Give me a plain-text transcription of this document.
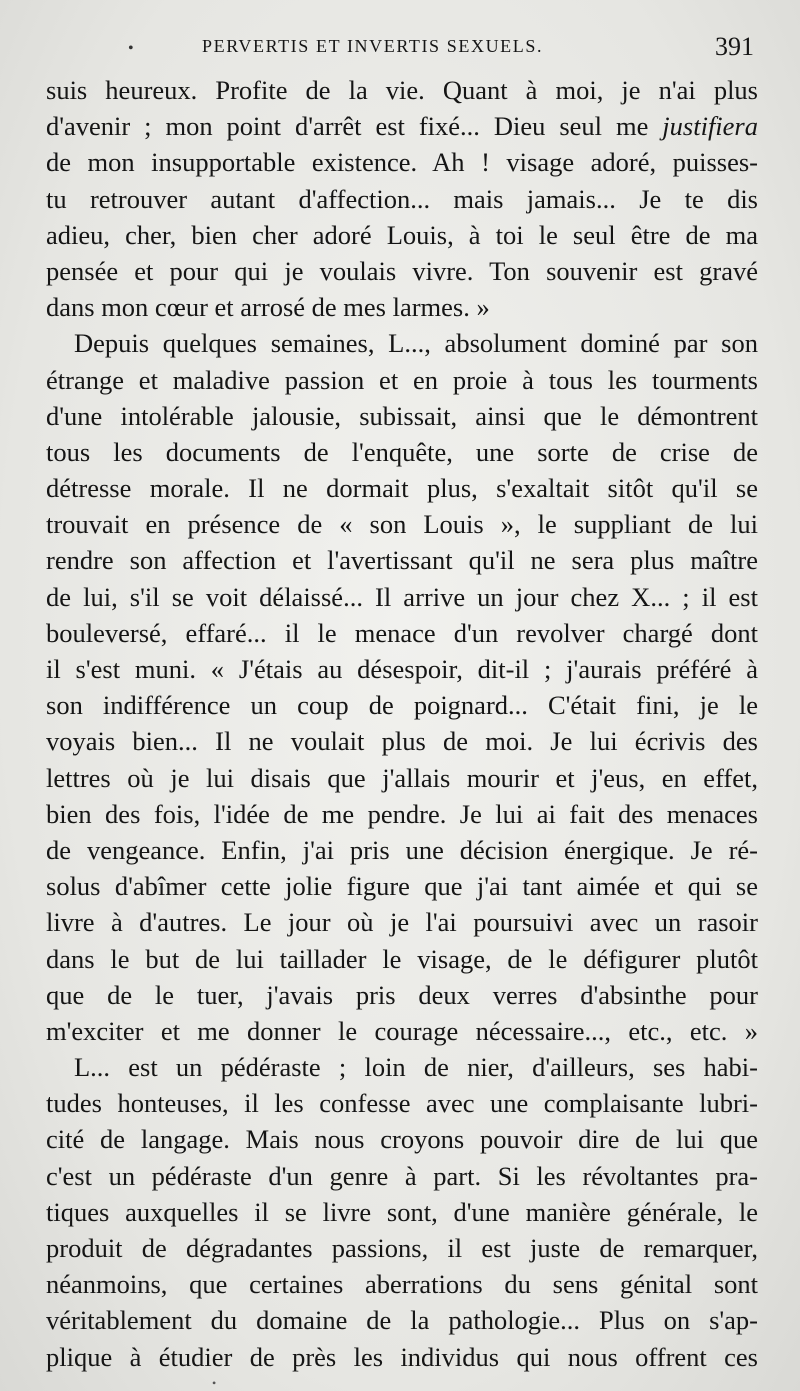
•	PERVERTIS ET INVERTIS SEXUELS.	391
suis heureux. Profite de la vie. Quant à moi, je n'ai plus
d'avenir ; mon point d'arrêt est fixé... Dieu seul me justifiera
de mon insupportable existence. Ah ! visage adoré, puisses-
tu retrouver autant d'affection... mais jamais... Je te dis
adieu, cher, bien cher adoré Louis, à toi le seul être de ma
pensée et pour qui je voulais vivre. Ton souvenir est gravé
dans mon cœur et arrosé de mes larmes. »
Depuis quelques semaines, L..., absolument dominé par son
étrange et maladive passion et en proie à tous les tourments
d'une intolérable jalousie, subissait, ainsi que le démontrent
tous les documents de l'enquête, une sorte de crise de
détresse morale. Il ne dormait plus, s'exaltait sitôt qu'il se
trouvait en présence de « son Louis », le suppliant de lui
rendre son affection et l'avertissant qu'il ne sera plus maître
de lui, s'il se voit délaissé... Il arrive un jour chez X... ; il est
bouleversé, effaré... il le menace d'un revolver chargé dont
il s'est muni. « J'étais au désespoir, dit-il ; j'aurais préféré à
son indifférence un coup de poignard... C'était fini, je le
voyais bien... Il ne voulait plus de moi. Je lui écrivis des
lettres où je lui disais que j'allais mourir et j'eus, en effet,
bien des fois, l'idée de me pendre. Je lui ai fait des menaces
de vengeance. Enfin, j'ai pris une décision énergique. Je ré-
solus d'abîmer cette jolie figure que j'ai tant aimée et qui se
livre à d'autres. Le jour où je l'ai poursuivi avec un rasoir
dans le but de lui taillader le visage, de le défigurer plutôt
que de le tuer, j'avais pris deux verres d'absinthe pour
m'exciter et me donner le courage nécessaire..., etc., etc. »
L... est un pédéraste ; loin de nier, d'ailleurs, ses habi-
tudes honteuses, il les confesse avec une complaisante lubri-
cité de langage. Mais nous croyons pouvoir dire de lui que
c'est un pédéraste d'un genre à part. Si les révoltantes pra-
tiques auxquelles il se livre sont, d'une manière générale, le
produit de dégradantes passions, il est juste de remarquer,
néanmoins, que certaines aberrations du sens génital sont
véritablement du domaine de la pathologie... Plus on s'ap-
plique à étudier de près les individus qui nous offrent ces
•
